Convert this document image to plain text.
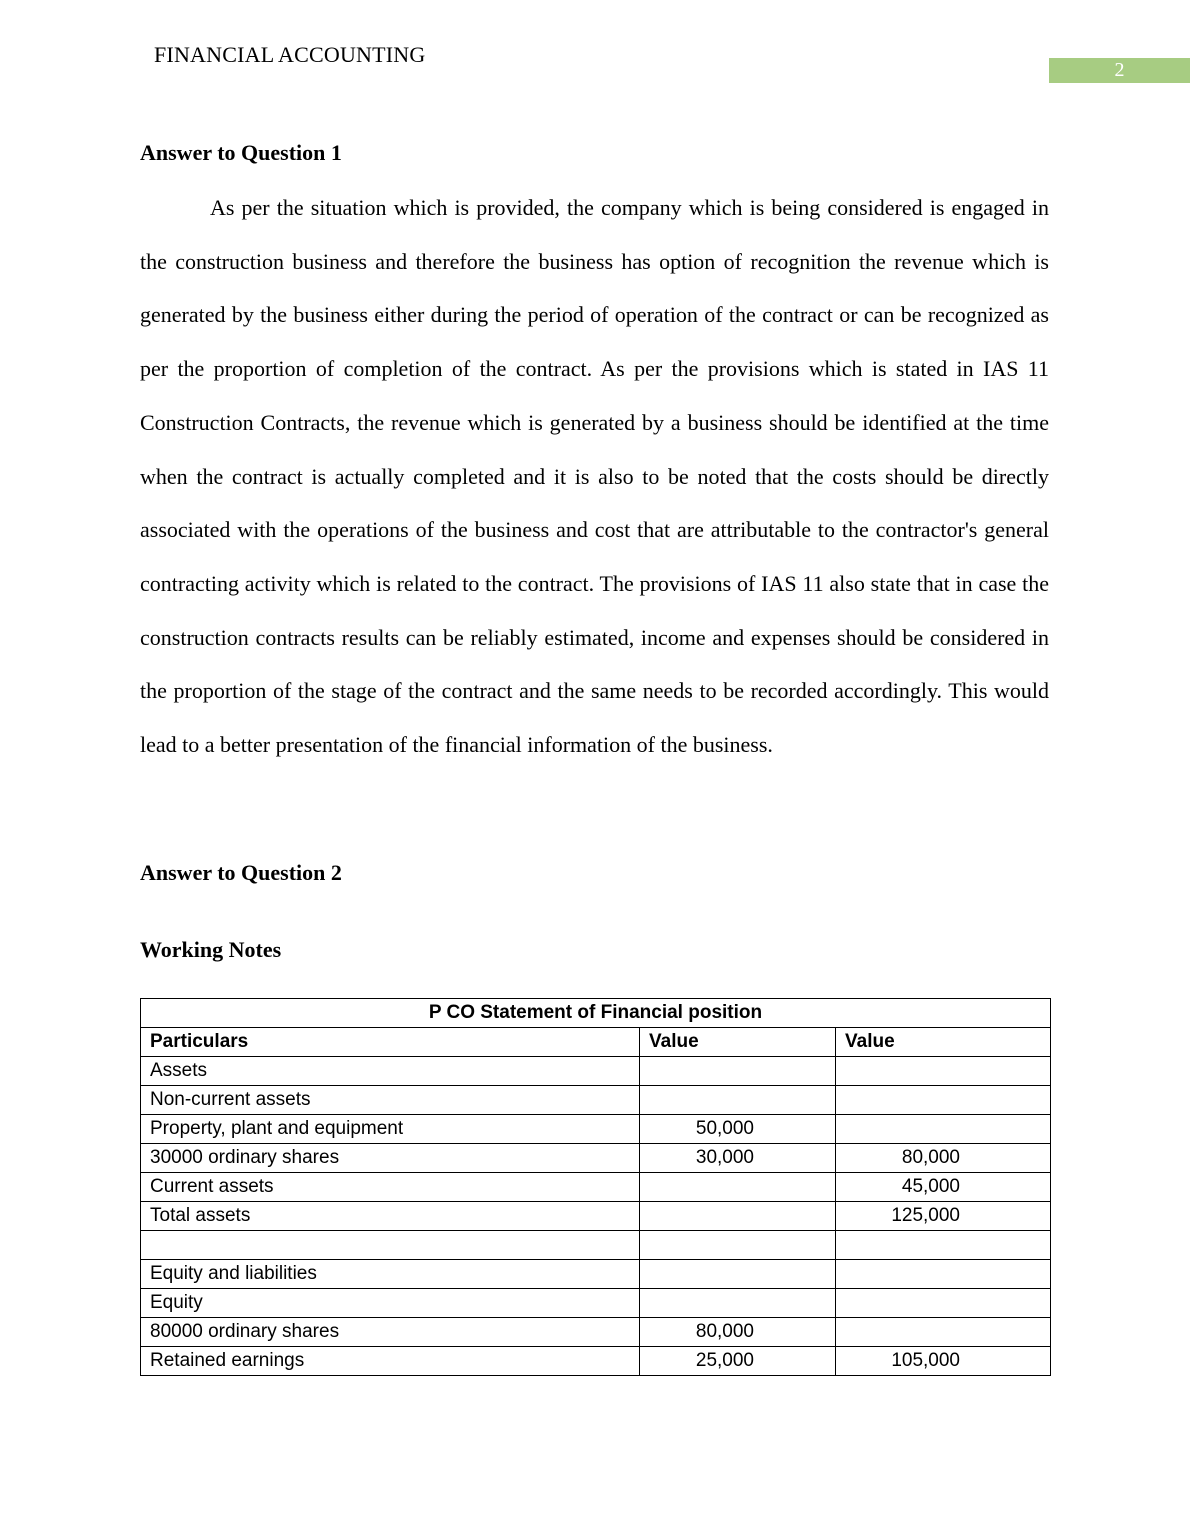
FINANCIAL ACCOUNTING
2
Answer to Question 1

As per the situation which is provided, the company which is being considered is engaged in the construction business and therefore the business has option of recognition the revenue which is generated by the business either during the period of operation of the contract or can be recognized as per the proportion of completion of the contract. As per the provisions which is stated in IAS 11 Construction Contracts, the revenue which is generated by a business should be identified at the time when the contract is actually completed and it is also to be noted that the costs should be directly associated with the operations of the business and cost that are attributable to the contractor's general contracting activity which is related to the contract. The provisions of IAS 11 also state that in case the construction contracts results can be reliably estimated, income and expenses should be considered in the proportion of the stage of the contract and the same needs to be recorded accordingly. This would lead to a better presentation of the financial information of the business.

Answer to Question 2
Working Notes
P CO Statement of Financial position		
Particulars	Value	Value
Assets		
Non-current assets		
Property, plant and equipment	50,000	
30000 ordinary shares	30,000	80,000
Current assets		45,000
Total assets		125,000

Equity and liabilities		
Equity		
80000 ordinary shares	80,000	
Retained earnings	25,000	105,000
